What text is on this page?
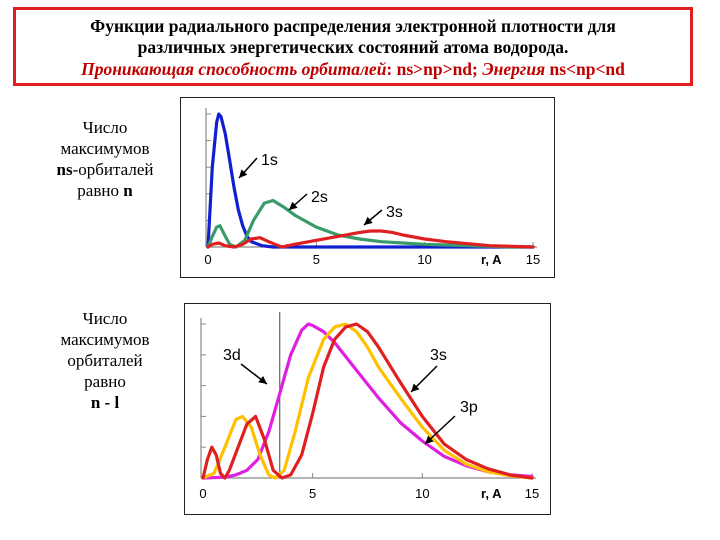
Функции радиального распределения электронной плотности для
различных энергетических состояний атома водорода.
Проникающая способность орбиталей: ns>np>nd; Энергия ns<np<nd
Число
максимумов
ns-орбиталей
равно n
Число
максимумов
орбиталей
равно
n - l
0	5	10	15
r, A
1s
2s
3s
0	5	10	15
r, A
3d	3s
3p
